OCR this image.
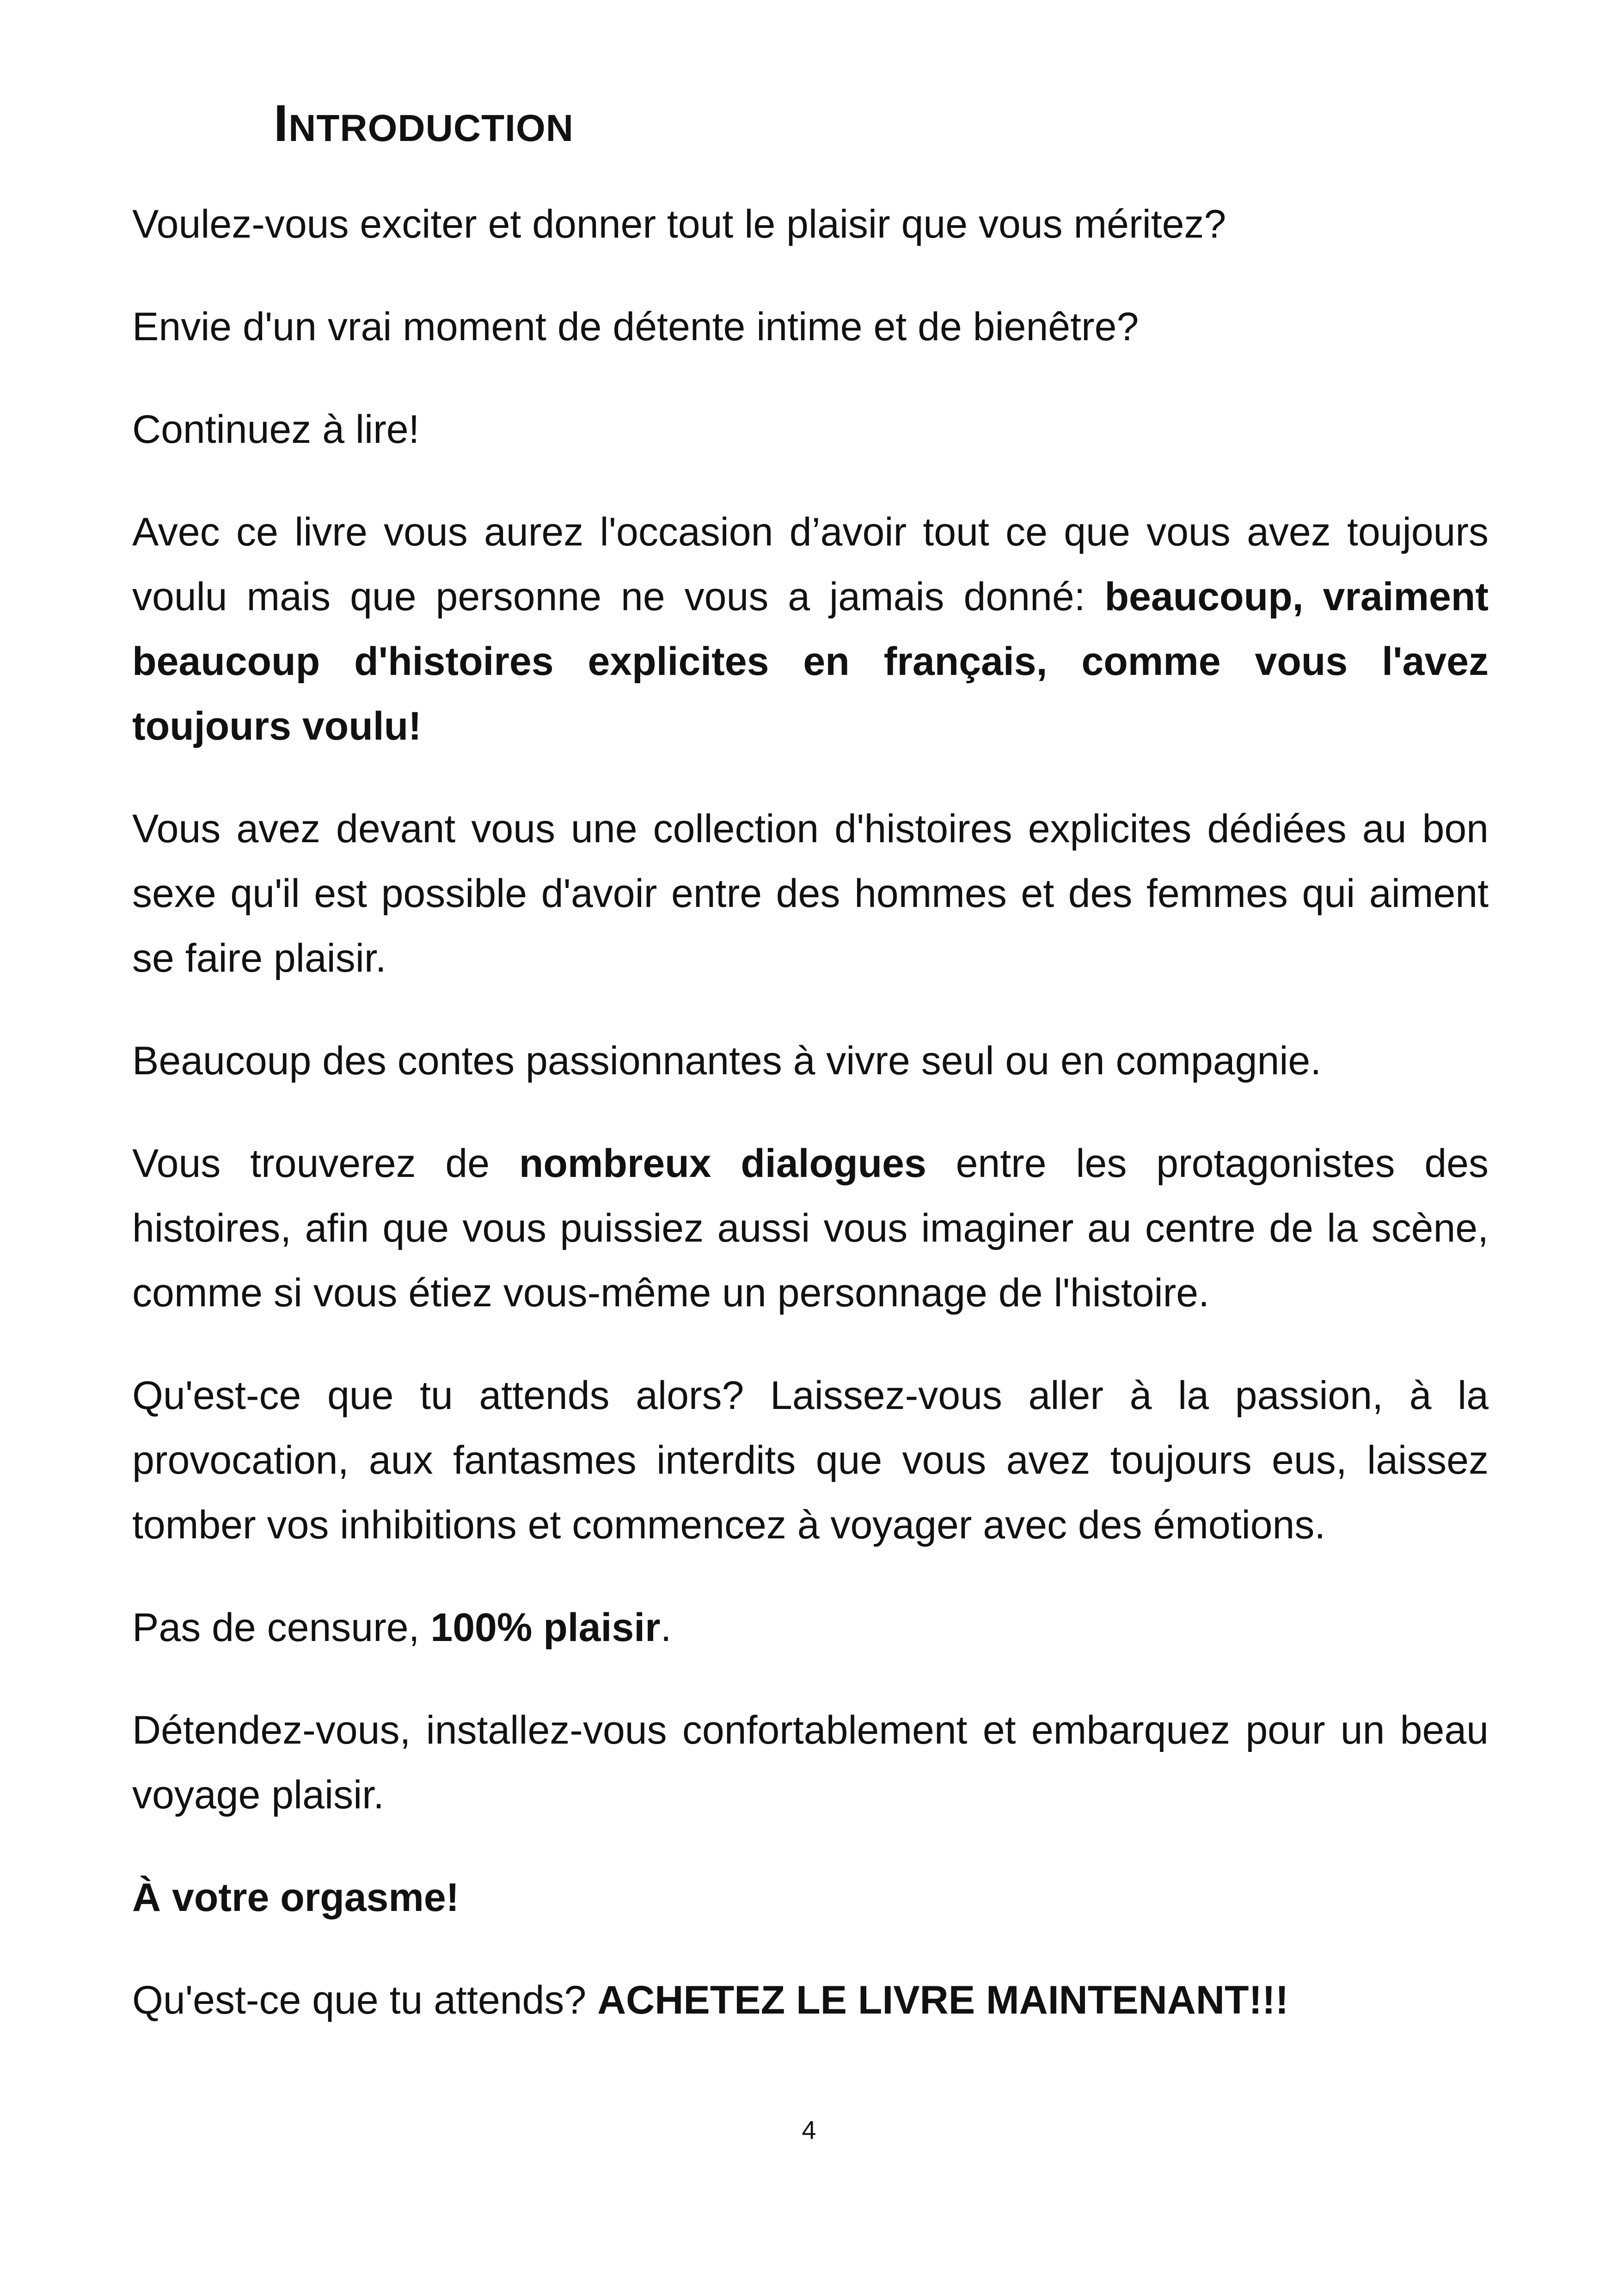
INTRODUCTION

Voulez-vous exciter et donner tout le plaisir que vous méritez?

Envie d'un vrai moment de détente intime et de bienêtre?

Continuez à lire!

Avec ce livre vous aurez l'occasion d’avoir tout ce que vous avez toujours voulu mais que personne ne vous a jamais donné: beaucoup, vraiment beaucoup d'histoires explicites en français, comme vous l'avez toujours voulu!

Vous avez devant vous une collection d'histoires explicites dédiées au bon sexe qu'il est possible d'avoir entre des hommes et des femmes qui aiment se faire plaisir.

Beaucoup des contes passionnantes à vivre seul ou en compagnie.

Vous trouverez de nombreux dialogues entre les protagonistes des histoires, afin que vous puissiez aussi vous imaginer au centre de la scène, comme si vous étiez vous-même un personnage de l'histoire.

Qu'est-ce que tu attends alors? Laissez-vous aller à la passion, à la provocation, aux fantasmes interdits que vous avez toujours eus, laissez tomber vos inhibitions et commencez à voyager avec des émotions.

Pas de censure, 100% plaisir.

Détendez-vous, installez-vous confortablement et embarquez pour un beau voyage plaisir.

À votre orgasme!

Qu'est-ce que tu attends? ACHETEZ LE LIVRE MAINTENANT!!!

4
